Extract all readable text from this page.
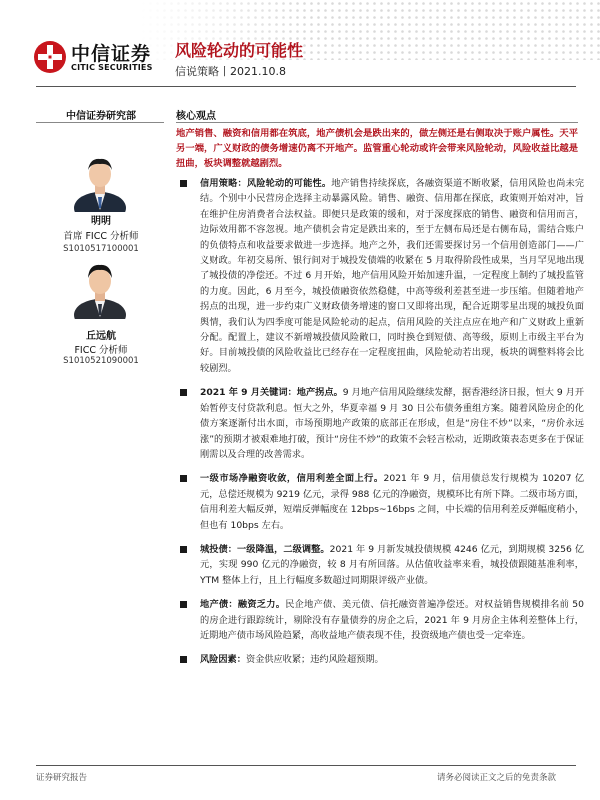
中信证券
CITIC SECURITIES
风险轮动的可能性
信说策略丨2021.10.8
中信证券研究部
明明
首席 FICC 分析师
S1010517100001
丘远航
FICC 分析师
S1010521090001
核心观点
地产销售、融资和信用都在筑底，地产债机会是跌出来的，做左侧还是右侧取决于账户属性。天平另一端，广义财政的债务增速仍离不开地产。监管重心轮动或许会带来风险轮动，风险收益比越是扭曲，板块调整就越剧烈。
信用策略：风险轮动的可能性。地产销售持续探底，各融资渠道不断收紧，信用风险也尚未完结。个别中小民营房企选择主动暴露风险。销售、融资、信用都在探底，政策则开始对冲，旨在维护住房消费者合法权益。即便只是政策的缓和，对于深度探底的销售、融资和信用而言，边际效用都不容忽视。地产债机会肯定是跌出来的，至于左侧布局还是右侧布局，需结合账户的负债特点和收益要求做进一步选择。地产之外，我们还需要探讨另一个信用创造部门——广义财政。年初交易所、银行间对于城投发债端的收紧在 5 月取得阶段性成果，当月罕见地出现了城投债的净偿还。不过 6 月开始，地产信用风险开始加速升温，一定程度上制约了城投监管的力度。因此，6 月至今，城投债融资依然稳健，中高等级利差甚至进一步压缩。但随着地产拐点的出现，进一步约束广义财政债务增速的窗口又即将出现，配合近期零星出现的城投负面舆情，我们认为四季度可能是风险轮动的起点，信用风险的关注点应在地产和广义财政上重新分配。配置上，建议不新增城投债风险敞口，同时换仓到短债、高等级，原则上市级主平台为好。目前城投债的风险收益比已经存在一定程度扭曲，风险轮动若出现，板块的调整料将会比较剧烈。
2021 年 9 月关键词：地产拐点。9 月地产信用风险继续发酵，据香港经济日报，恒大 9 月开始暂停支付贷款利息。恒大之外，华夏幸福 9 月 30 日公布债务重组方案。随着风险房企的化债方案逐渐付出水面，市场预期地产政策的底部正在形成，但是“房住不炒”以来，“房价永远涨”的预期才被艰难地打破，预计“房住不炒”的政策不会轻言松动，近期政策表态更多在于保证刚需以及合理的改善需求。
一级市场净融资收敛，信用利差全面上行。2021 年 9 月，信用债总发行规模为 10207 亿元，总偿还规模为 9219 亿元，录得 988 亿元的净融资，规模环比有所下降。二级市场方面，信用利差大幅反弹，短端反弹幅度在 12bps~16bps 之间，中长端的信用利差反弹幅度稍小，但也有 10bps 左右。
城投债：一级降温，二级调整。2021 年 9 月新发城投债规模 4246 亿元，到期规模 3256 亿元，实现 990 亿元的净融资，较 8 月有所回落。从估值收益率来看，城投债跟随基准利率，YTM 整体上行，且上行幅度多数超过同期限评级产业债。
地产债：融资乏力。民企地产债、美元债、信托融资普遍净偿还。对权益销售规模排名前 50 的房企进行跟踪统计，剔除没有存量债券的房企之后，2021 年 9 月房企主体利差整体上行，近期地产债市场风险趋紧，高收益地产债表现不佳，投资级地产债也受一定牵连。
风险因素：资金供应收紧；违约风险超预期。
证券研究报告	请务必阅读正文之后的免责条款
